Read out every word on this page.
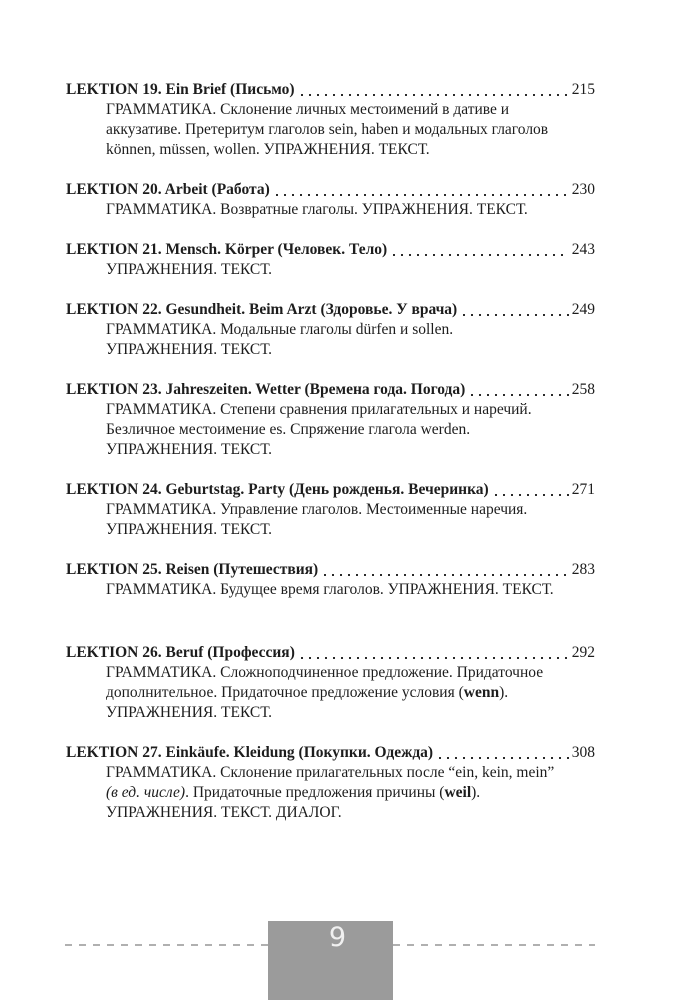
LEKTION 19. Ein Brief (Письмо)	215

ГРАММАТИКА. Склонение личных местоимений в дативе и аккузативе. Претеритум глаголов sein, haben и модальных глаголов können, müssen, wollen. УПРАЖНЕНИЯ. ТЕКСТ.

LEKTION 20. Arbeit (Работа)	230

ГРАММАТИКА. Возвратные глаголы. УПРАЖНЕНИЯ. ТЕКСТ.

LEKTION 21. Mensch. Körper (Человек. Тело)	243

УПРАЖНЕНИЯ. ТЕКСТ.

LEKTION 22. Gesundheit. Beim Arzt (Здоровье. У врача)	249

ГРАММАТИКА. Модальные глаголы dürfen и sollen. УПРАЖНЕНИЯ. ТЕКСТ.

LEKTION 23. Jahreszeiten. Wetter (Времена года. Погода)	258

ГРАММАТИКА. Степени сравнения прилагательных и наречий. Безличное местоимение es. Спряжение глагола werden. УПРАЖНЕНИЯ. ТЕКСТ.

LEKTION 24. Geburtstag. Party (День рожденья. Вечеринка)	271

ГРАММАТИКА. Управление глаголов. Местоименные наречия. УПРАЖНЕНИЯ. ТЕКСТ.

LEKTION 25. Reisen (Путешествия)	283

ГРАММАТИКА. Будущее время глаголов. УПРАЖНЕНИЯ. ТЕКСТ.

LEKTION 26. Beruf (Профессия)	292

ГРАММАТИКА. Сложноподчиненное предложение. Придаточное дополнительное. Придаточное предложение условия (wenn). УПРАЖНЕНИЯ. ТЕКСТ.

LEKTION 27. Einkäufe. Kleidung (Покупки. Одежда)	308

ГРАММАТИКА. Склонение прилагательных после “ein, kein, mein” (в ед. числе). Придаточные предложения причины (weil). УПРАЖНЕНИЯ. ТЕКСТ. ДИАЛОГ.

9
